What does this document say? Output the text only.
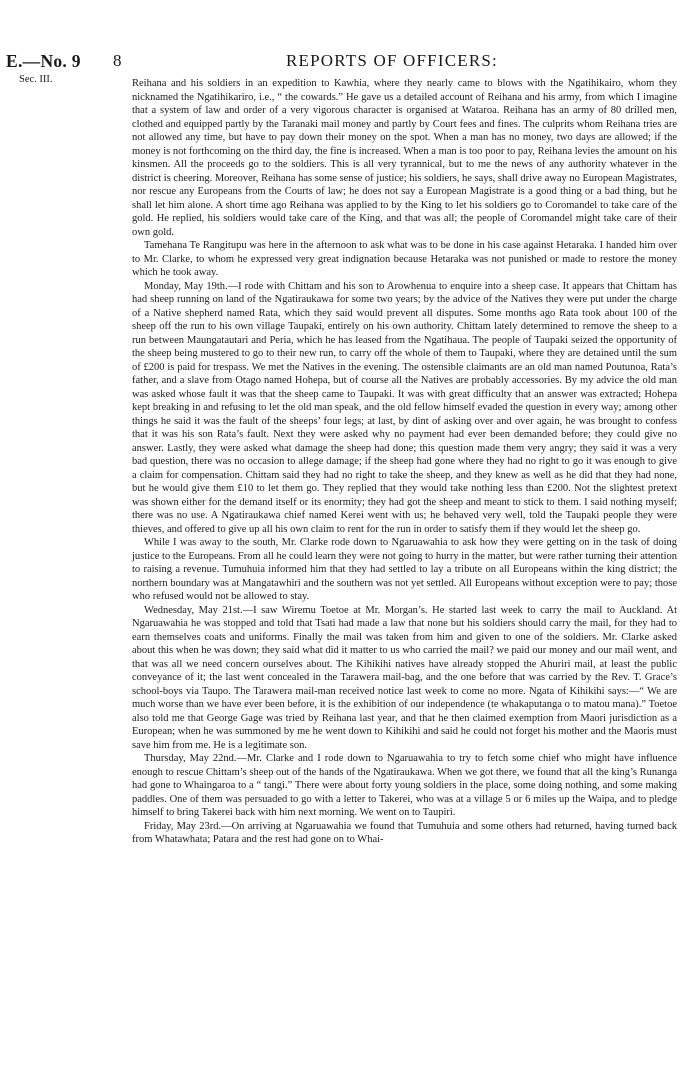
E.—No. 9
Sec. III.
8	REPORTS OF OFFICERS:

Reihana and his soldiers in an expedition to Kawhia, where they nearly came to blows with the Ngatihikairo, whom they nicknamed the Ngatihikariro, i.e., “ the cowards.” He gave us a detailed account of Reihana and his army, from which I imagine that a system of law and order of a very vigorous character is organised at Wataroa. Reihana has an army of 80 drilled men, clothed and equipped partly by the Taranaki mail money and partly by Court fees and fines. The culprits whom Reihana tries are not allowed any time, but have to pay down their money on the spot. When a man has no money, two days are allowed; if the money is not forthcoming on the third day, the fine is increased. When a man is too poor to pay, Reihana levies the amount on his kinsmen. All the proceeds go to the soldiers. This is all very tyrannical, but to me the news of any authority whatever in the district is cheering. Moreover, Reihana has some sense of justice; his soldiers, he says, shall drive away no European Magistrates, nor rescue any Europeans from the Courts of law; he does not say a European Magistrate is a good thing or a bad thing, but he shall let him alone. A short time ago Reihana was applied to by the King to let his soldiers go to Coromandel to take care of the gold. He replied, his soldiers would take care of the King, and that was all; the people of Coromandel might take care of their own gold.

Tamehana Te Rangitupu was here in the afternoon to ask what was to be done in his case against Hetaraka. I handed him over to Mr. Clarke, to whom he expressed very great indignation because Hetaraka was not punished or made to restore the money which he took away.

Monday, May 19th.—I rode with Chittam and his son to Arowhenua to enquire into a sheep case. It appears that Chittam has had sheep running on land of the Ngatiraukawa for some two years; by the advice of the Natives they were put under the charge of a Native shepherd named Rata, which they said would prevent all disputes. Some months ago Rata took about 100 of the sheep off the run to his own village Taupaki, entirely on his own authority. Chittam lately determined to remove the sheep to a run between Maungatautari and Peria, which he has leased from the Ngatihaua. The people of Taupaki seized the opportunity of the sheep being mustered to go to their new run, to carry off the whole of them to Taupaki, where they are detained until the sum of £200 is paid for trespass. We met the Natives in the evening. The ostensible claimants are an old man named Poutunoa, Rata’s father, and a slave from Otago named Hohepa, but of course all the Natives are probably accessories. By my advice the old man was asked whose fault it was that the sheep came to Taupaki. It was with great difficulty that an answer was extracted; Hohepa kept breaking in and refusing to let the old man speak, and the old fellow himself evaded the question in every way; among other things he said it was the fault of the sheeps’ four legs; at last, by dint of asking over and over again, he was brought to confess that it was his son Rata’s fault. Next they were asked why no payment had ever been demanded before; they could give no answer. Lastly, they were asked what damage the sheep had done; this question made them very angry; they said it was a very bad question, there was no occasion to allege damage; if the sheep had gone where they had no right to go it was enough to give a claim for compensation. Chittam said they had no right to take the sheep, and they knew as well as he did that they had none, but he would give them £10 to let them go. They replied that they would take nothing less than £200. Not the slightest pretext was shown either for the demand itself or its enormity; they had got the sheep and meant to stick to them. I said nothing myself; there was no use. A Ngatiraukawa chief named Kerei went with us; he behaved very well, told the Taupaki people they were thieves, and offered to give up all his own claim to rent for the run in order to satisfy them if they would let the sheep go.

While I was away to the south, Mr. Clarke rode down to Ngaruawahia to ask how they were getting on in the task of doing justice to the Europeans. From all he could learn they were not going to hurry in the matter, but were rather turning their attention to raising a revenue. Tumuhuia informed him that they had settled to lay a tribute on all Europeans within the king district; the northern boundary was at Mangatawhiri and the southern was not yet settled. All Europeans without exception were to pay; those who refused would not be allowed to stay.

Wednesday, May 21st.—I saw Wiremu Toetoe at Mr. Morgan’s. He started last week to carry the mail to Auckland. At Ngaruawahia he was stopped and told that Tsati had made a law that none but his soldiers should carry the mail, for they had to earn themselves coats and uniforms. Finally the mail was taken from him and given to one of the soldiers. Mr. Clarke asked about this when he was down; they said what did it matter to us who carried the mail? we paid our money and our mail went, and that was all we need concern ourselves about. The Kihikihi natives have already stopped the Ahuriri mail, at least the public conveyance of it; the last went concealed in the Tarawera mail-bag, and the one before that was carried by the Rev. T. Grace’s school-boys via Taupo. The Tarawera mail-man received notice last week to come no more. Ngata of Kihikihi says:—“ We are much worse than we have ever been before, it is the exhibition of our independence (te whakaputanga o to matou mana).” Toetoe also told me that George Gage was tried by Reihana last year, and that he then claimed exemption from Maori jurisdiction as a European; when he was summoned by me he went down to Kihikihi and said he could not forget his mother and the Maoris must save him from me. He is a legitimate son.

Thursday, May 22nd.—Mr. Clarke and I rode down to Ngaruawahia to try to fetch some chief who might have influence enough to rescue Chittam’s sheep out of the hands of the Ngatiraukawa. When we got there, we found that all the king’s Runanga had gone to Whaingaroa to a “ tangi.” There were about forty young soldiers in the place, some doing nothing, and some making paddles. One of them was persuaded to go with a letter to Takerei, who was at a village 5 or 6 miles up the Waipa, and to pledge himself to bring Takerei back with him next morning. We went on to Taupiri.

Friday, May 23rd.—On arriving at Ngaruawahia we found that Tumuhuia and some others had returned, having turned back from Whatawhata; Patara and the rest had gone on to Whai-
